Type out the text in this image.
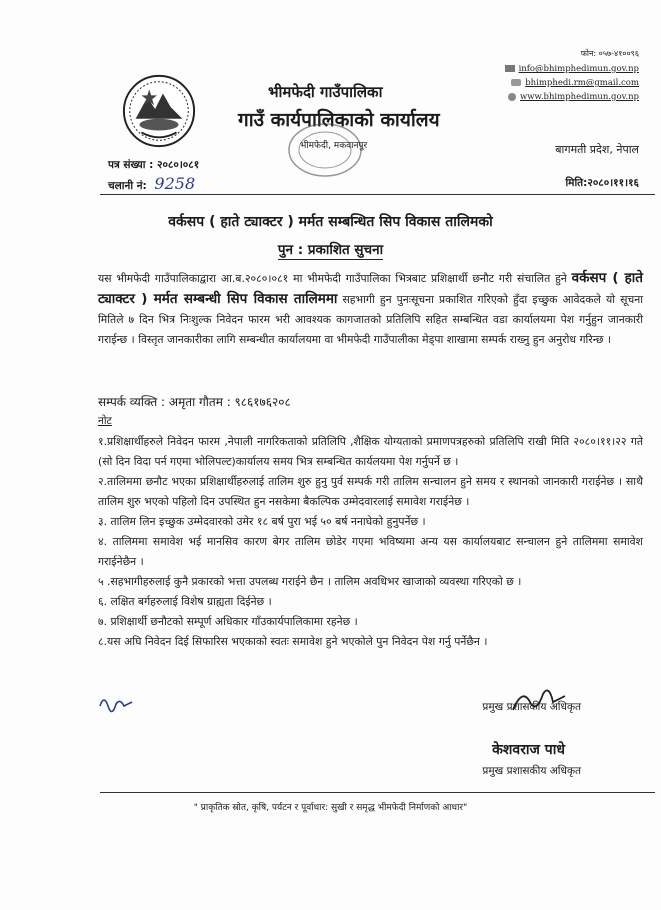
भीमफेदी गाउँपालिका
गाउँ कार्यपालिकाको कार्यालय
भीमफेदी, मकवानपुर
फोन: ०५७-४१००९६
info@bhimphedimun.gov.np
bhimphedi.rm@gmail.com
www.bhimphedimun.gov.np
बागमती प्रदेश, नेपाल
पत्र संख्या : २०८०।०८१
चलानी नं: 9258	मिति:२०८०।११।१६
वर्कसप ( हाते ट्याक्टर ) मर्मत सम्बन्धित सिप विकास तालिमको
पुन : प्रकाशित सुचना
यस भीमफेदी गाउँपालिकाद्वारा आ.ब.२०८०।०८१ मा भीमफेदी गाउँपालिका भित्रबाट प्रशिक्षार्थी छनौट गरी संचालित हुने वर्कसप ( हाते ट्याक्टर ) मर्मत सम्बन्धी सिप विकास तालिममा सहभागी हुन पुनःसूचना प्रकाशित गरिएको हुँदा इच्छुक आवेदकले यो सूचना मितिले ७ दिन भित्र निःशुल्क निवेदन फारम भरी आवश्यक कागजातको प्रतिलिपि सहित सम्बन्धित वडा कार्यालयमा पेश गर्नुहुन जानकारी गराईन्छ । विस्तृत जानकारीका लागि सम्बन्धीत कार्यालयमा वा भीमफेदी गाउँपालीका मेड्पा शाखामा सम्पर्क राख्नु हुन अनुरोध गरिन्छ ।
सम्पर्क व्यक्ति : अमृता गौतम : ९८६१७६२०८
नोट

१.प्रशिक्षार्थीहरुले निवेदन फारम ,नेपाली नागरिकताको प्रतिलिपि ,शैक्षिक योग्यताको प्रमाणपत्रहरुको प्रतिलिपि राखी मिति २०८०।११।२२ गते (सो दिन विदा पर्न गएमा भोलिपल्ट)कार्यालय समय भित्र सम्बन्धित कार्यलयमा पेश गर्नुपर्ने छ ।

२.तालिममा छनौट भएका प्रशिक्षार्थीहरुलाई तालिम शुरु हुनु पुर्व सम्पर्क गरी तालिम सन्चालन हुने समय र स्थानको जानकारी गराईनेछ । साथै तालिम शुरु भएको पहिलो दिन उपस्थित हुन नसकेमा बैकल्पिक उम्मेदवारलाई समावेश गराईनेछ ।

३. तालिम लिन इच्छुक उम्मेदवारको उमेर १८ बर्ष पुरा भई ५० बर्ष ननाघेको हुनुपर्नेछ ।

४. तालिममा समावेश भई मानसिव कारण बेगर तालिम छोडेर गएमा भविष्यमा अन्य यस कार्यालयबाट सन्चालन हुने तालिममा समावेश गराईनेछैन ।

५ .सहभागीहरुलाई कुनै प्रकारको भत्ता उपलब्ध गराईने छैन । तालिम अवधिभर खाजाको व्यवस्था गरिएको छ ।

६. लक्षित बर्गहरुलाई विशेष ग्राह्यता दिईनेछ ।

७. प्रशिक्षार्थी छनौटको सम्पूर्ण अधिकार गाँउकार्यपालिकामा रहनेछ ।

८.यस अघि निवेदन दिई सिफारिस भएकाको स्वतः समावेश हुने भएकोले पुन निवेदन पेश गर्नु पर्नेछैन ।

प्रमुख प्रशासकीय अधिकृत
केशवराज पाधे
प्रमुख प्रशासकीय अधिकृत
" प्राकृतिक स्रोत, कृषि, पर्यटन र पूर्वाधार: सुखी र समृद्ध भीमफेदी निर्माणको आधार"
